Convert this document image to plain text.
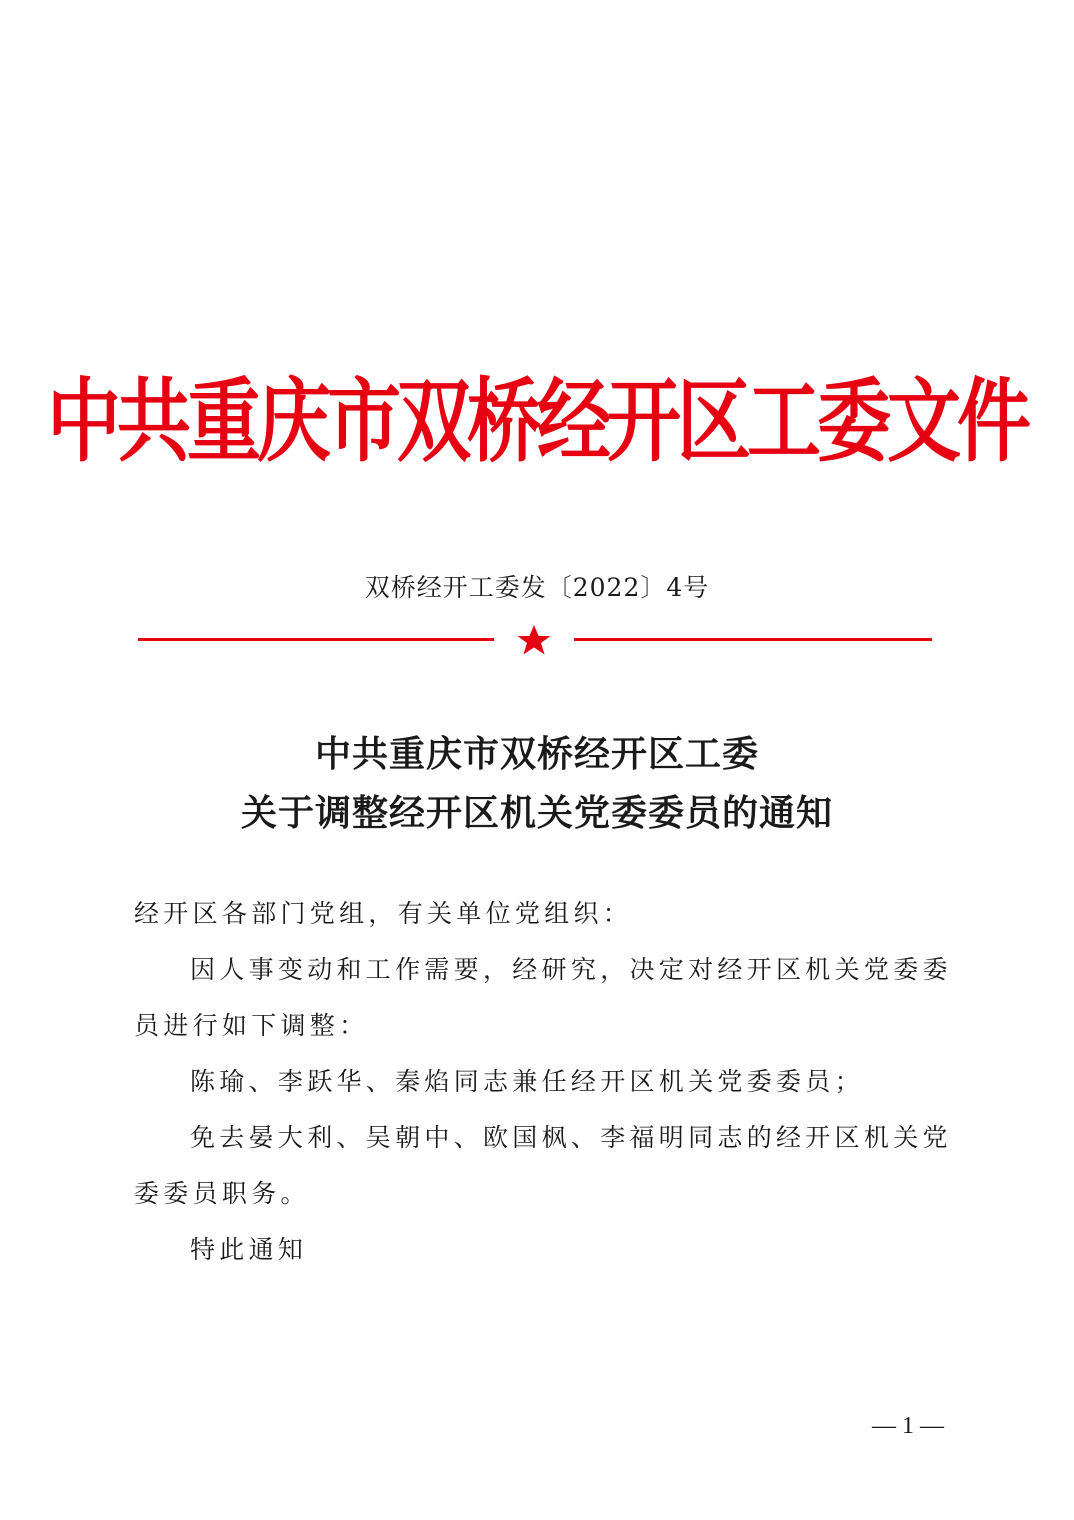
中共重庆市双桥经开区工委文件
双桥经开工委发〔2022〕4号
中共重庆市双桥经开区工委
关于调整经开区机关党委委员的通知
经开区各部门党组，有关单位党组织：
因人事变动和工作需要，经研究，决定对经开区机关党委委
员进行如下调整：
陈瑜、李跃华、秦焰同志兼任经开区机关党委委员；
免去晏大利、吴朝中、欧国枫、李福明同志的经开区机关党
委委员职务。
特此通知
— 1 —
